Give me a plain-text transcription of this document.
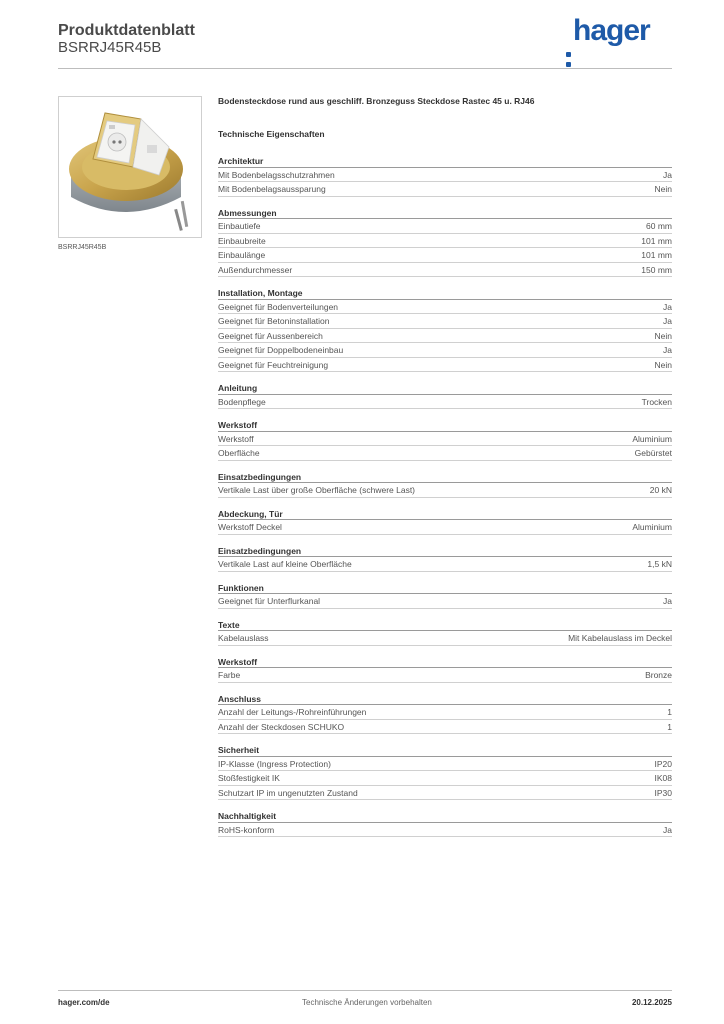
Produktdatenblatt
BSRRJ45R45B
hager
BSRRJ45R45B
Bodensteckdose rund aus geschliff. Bronzeguss Steckdose Rastec 45 u. RJ46
Technische Eigenschaften
Architektur
Mit Bodenbelagsschutzrahmen	Ja
Mit Bodenbelagsaussparung	Nein
Abmessungen
Einbautiefe	60 mm
Einbaubreite	101 mm
Einbaulänge	101 mm
Außendurchmesser	150 mm
Installation, Montage
Geeignet für Bodenverteilungen	Ja
Geeignet für Betoninstallation	Ja
Geeignet für Aussenbereich	Nein
Geeignet für Doppelbodeneinbau	Ja
Geeignet für Feuchtreinigung	Nein
Anleitung
Bodenpflege	Trocken
Werkstoff
Werkstoff	Aluminium
Oberfläche	Gebürstet
Einsatzbedingungen
Vertikale Last über große Oberfläche (schwere Last)	20 kN
Abdeckung, Tür
Werkstoff Deckel	Aluminium
Einsatzbedingungen
Vertikale Last auf kleine Oberfläche	1,5 kN
Funktionen
Geeignet für Unterflurkanal	Ja
Texte
Kabelauslass	Mit Kabelauslass im Deckel
Werkstoff
Farbe	Bronze
Anschluss
Anzahl der Leitungs-/Rohreinführungen	1
Anzahl der Steckdosen SCHUKO	1
Sicherheit
IP-Klasse (Ingress Protection)	IP20
Stoßfestigkeit IK	IK08
Schutzart IP im ungenutzten Zustand	IP30
Nachhaltigkeit
RoHS-konform	Ja
hager.com/de	Technische Änderungen vorbehalten	20.12.2025
